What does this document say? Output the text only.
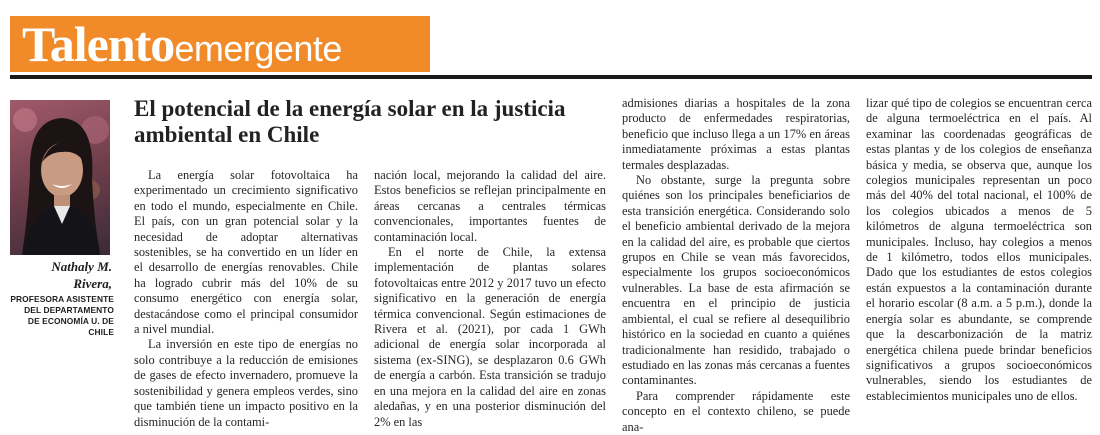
Talentoemergente
Nathaly M. Rivera,
PROFESORA ASISTENTE DEL DEPARTAMENTO DE ECONOMÍA U. DE CHILE
El potencial de la energía solar en la justicia ambiental en Chile

La energía solar fotovoltaica ha experimentado un crecimiento significativo en todo el mundo, especialmente en Chile. El país, con un gran potencial solar y la necesidad de adoptar alternativas sostenibles, se ha convertido en un líder en el desarrollo de energías renovables. Chile ha logrado cubrir más del 10% de su consumo energético con energía solar, destacándose como el principal consumidor a nivel mundial.

La inversión en este tipo de energías no solo contribuye a la reducción de emisiones de gases de efecto invernadero, promueve la sostenibilidad y genera empleos verdes, sino que también tiene un impacto positivo en la disminución de la contami-

nación local, mejorando la calidad del aire. Estos beneficios se reflejan principalmente en áreas cercanas a centrales térmicas convencionales, importantes fuentes de contaminación local.

En el norte de Chile, la extensa implementación de plantas solares fotovoltaicas entre 2012 y 2017 tuvo un efecto significativo en la generación de energía térmica convencional. Según estimaciones de Rivera et al. (2021), por cada 1 GWh adicional de energía solar incorporada al sistema (ex-SING), se desplazaron 0.6 GWh de energía a carbón. Esta transición se tradujo en una mejora en la calidad del aire en zonas aledañas, y en una posterior disminución del 2% en las

admisiones diarias a hospitales de la zona producto de enfermedades respiratorias, beneficio que incluso llega a un 17% en áreas inmediatamente próximas a estas plantas termales desplazadas.

No obstante, surge la pregunta sobre quiénes son los principales beneficiarios de esta transición energética. Considerando solo el beneficio ambiental derivado de la mejora en la calidad del aire, es probable que ciertos grupos en Chile se vean más favorecidos, especialmente los grupos socioeconómicos vulnerables. La base de esta afirmación se encuentra en el principio de justicia ambiental, el cual se refiere al desequilibrio histórico en la sociedad en cuanto a quiénes tradicionalmente han residido, trabajado o estudiado en las zonas más cercanas a fuentes contaminantes.

Para comprender rápidamente este concepto en el contexto chileno, se puede ana-

lizar qué tipo de colegios se encuentran cerca de alguna termoeléctrica en el país. Al examinar las coordenadas geográficas de estas plantas y de los colegios de enseñanza básica y media, se observa que, aunque los colegios municipales representan un poco más del 40% del total nacional, el 100% de los colegios ubicados a menos de 5 kilómetros de alguna termoeléctrica son municipales. Incluso, hay colegios a menos de 1 kilómetro, todos ellos municipales. Dado que los estudiantes de estos colegios están expuestos a la contaminación durante el horario escolar (8 a.m. a 5 p.m.), donde la energía solar es abundante, se comprende que la descarbonización de la matriz energética chilena puede brindar beneficios significativos a grupos socioeconómicos vulnerables, siendo los estudiantes de establecimientos municipales uno de ellos.
